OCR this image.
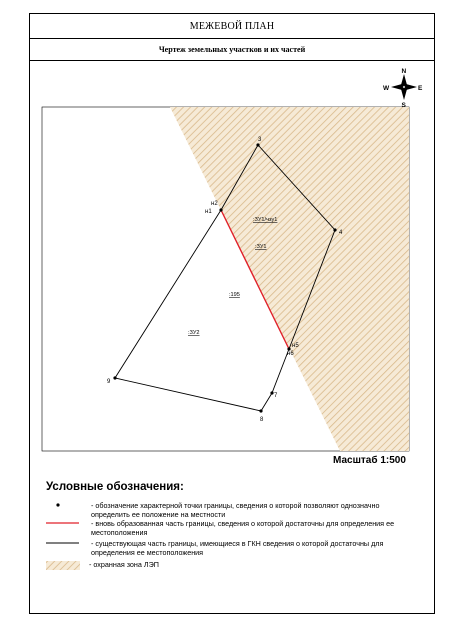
МЕЖЕВОЙ ПЛАН
Чертеж земельных участков и их частей
3
4
н2
н1
н5
н6
7
8
9
:ЗУ1/чзу1
:ЗУ1
:195
:ЗУ2
N
S
W	E
Масштаб 1:500
Условные обозначения:
- обозначение характерной точки границы, сведения о которой позволяют однозначно определить ее положение на местности
- вновь образованная часть границы, сведения о которой достаточны для определения ее местоположения
- существующая часть границы, имеющиеся в ГКН сведения о которой достаточны для определения ее местоположения
- охранная зона ЛЭП
